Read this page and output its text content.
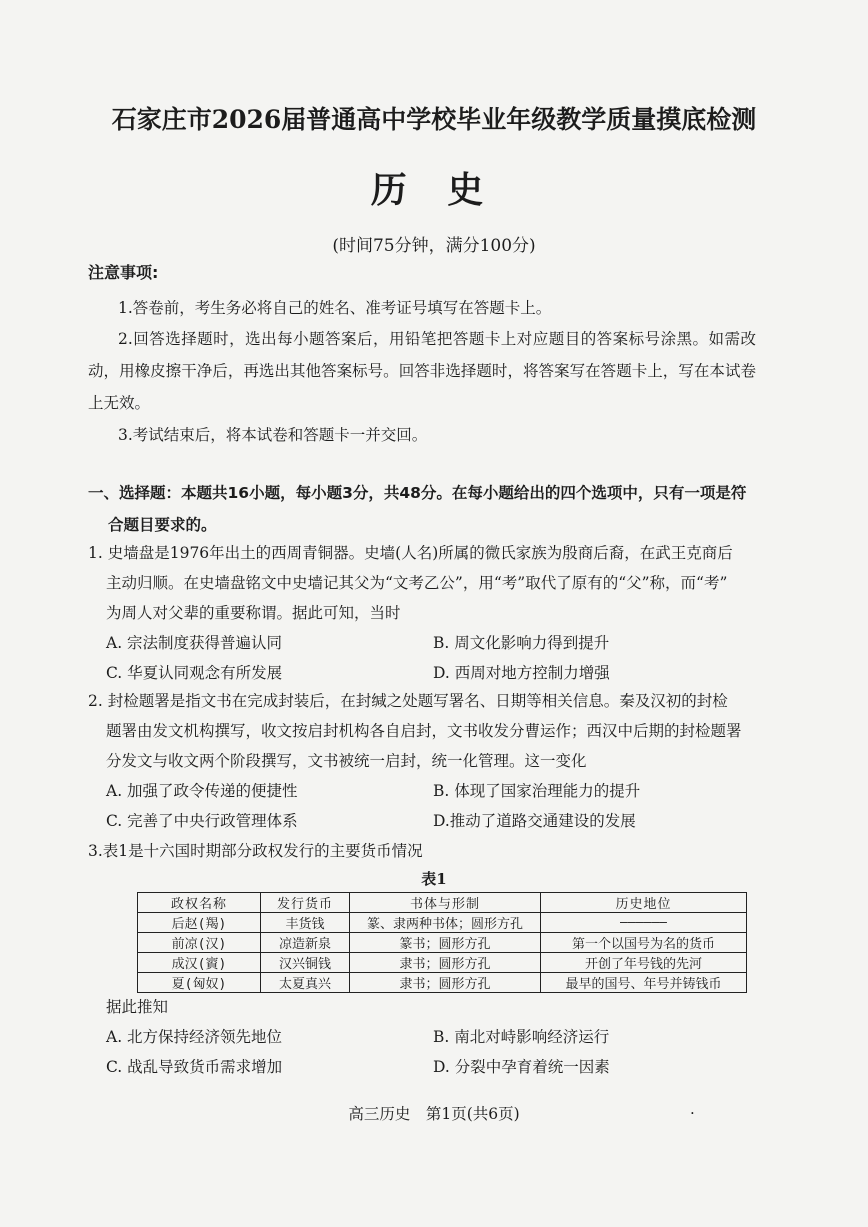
石家庄市2026届普通高中学校毕业年级教学质量摸底检测
历 史
(时间75分钟，满分100分)
注意事项:
1.答卷前，考生务必将自己的姓名、准考证号填写在答题卡上。
2.回答选择题时，选出每小题答案后，用铅笔把答题卡上对应题目的答案标号涂黑。如需改动，用橡皮擦干净后，再选出其他答案标号。回答非选择题时，将答案写在答题卡上，写在本试卷上无效。
3.考试结束后，将本试卷和答题卡一并交回。
一、选择题：本题共16小题，每小题3分，共48分。在每小题给出的四个选项中，只有一项是符
合题目要求的。
1. 史墙盘是1976年出土的西周青铜器。史墙(人名)所属的微氏家族为殷商后裔，在武王克商后
主动归顺。在史墙盘铭文中史墙记其父为“文考乙公”，用“考”取代了原有的“父”称，而“考”
为周人对父辈的重要称谓。据此可知，当时
A. 宗法制度获得普遍认同	B. 周文化影响力得到提升
C. 华夏认同观念有所发展	D. 西周对地方控制力增强
2. 封检题署是指文书在完成封装后，在封缄之处题写署名、日期等相关信息。秦及汉初的封检
题署由发文机构撰写，收文按启封机构各自启封，文书收发分曹运作；西汉中后期的封检题署
分发文与收文两个阶段撰写，文书被统一启封，统一化管理。这一变化
A. 加强了政令传递的便捷性	B. 体现了国家治理能力的提升
C. 完善了中央行政管理体系	D.推动了道路交通建设的发展
3.表1是十六国时期部分政权发行的主要货币情况
表1
政权名称	发行货币	书体与形制	历史地位
后赵(羯)	丰货钱	篆、隶两种书体；圆形方孔	——————
前凉(汉)	凉造新泉	篆书；圆形方孔	第一个以国号为名的货币
成汉(賨)	汉兴铜钱	隶书；圆形方孔	开创了年号钱的先河
夏(匈奴)	太夏真兴	隶书；圆形方孔	最早的国号、年号并铸钱币
据此推知
A. 北方保持经济领先地位	B. 南北对峙影响经济运行
C. 战乱导致货币需求增加	D. 分裂中孕育着统一因素
高三历史　第1页(共6页)	.
